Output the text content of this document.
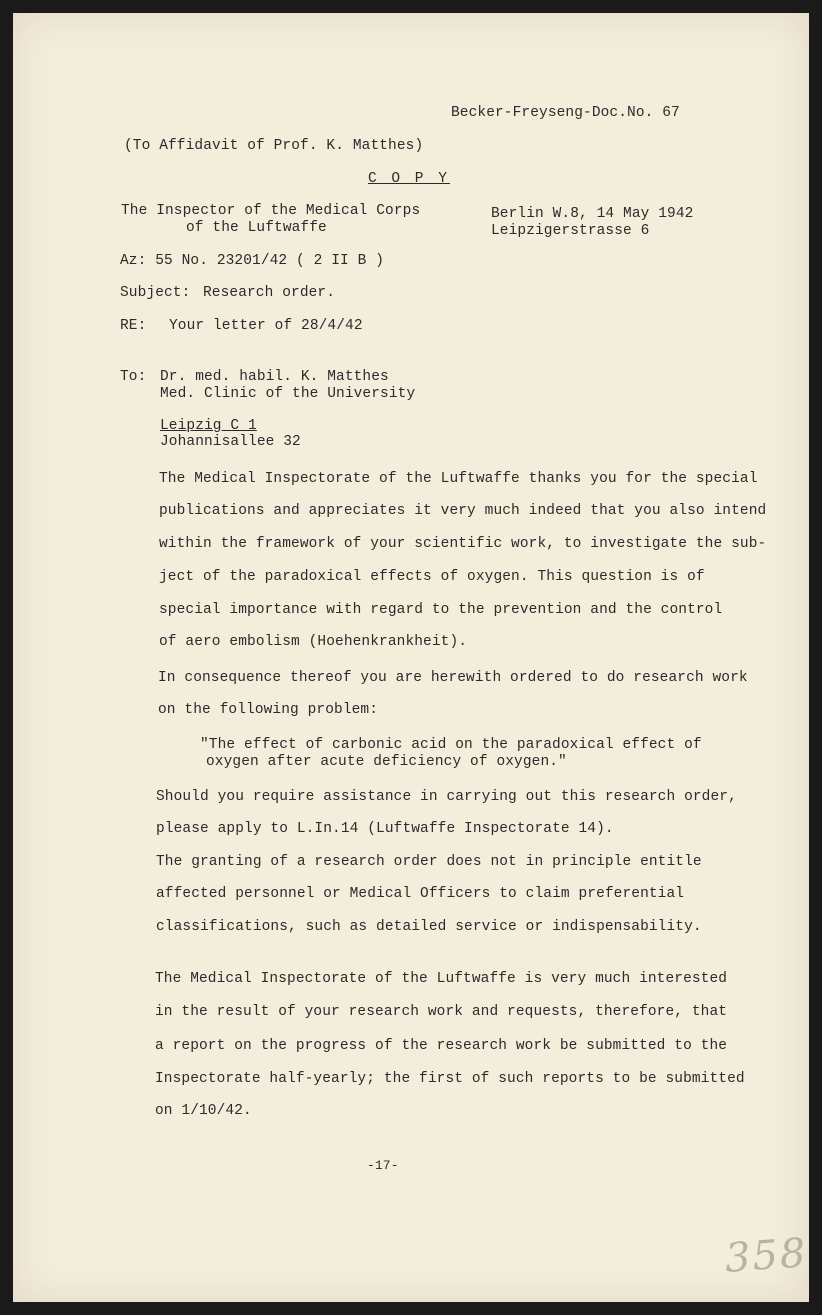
Becker-Freyseng-Doc.No. 67
(To Affidavit of Prof. K. Matthes)
C O P Y
The Inspector of the Medical Corps
of the Luftwaffe
Berlin W.8, 14 May 1942
Leipzigerstrasse 6
Az: 55 No. 23201/42 ( 2 II B )
Subject: Research order.
RE: Your letter of 28/4/42
To: Dr. med. habil. K. Matthes
Med. Clinic of the University
Leipzig C 1
Johannisallee 32
The Medical Inspectorate of the Luftwaffe thanks you for the special
publications and appreciates it very much indeed that you also intend
within the framework of your scientific work, to investigate the sub-
ject of the paradoxical effects of oxygen. This question is of
special importance with regard to the prevention and the control
of aero embolism (Hoehenkrankheit).
In consequence thereof you are herewith ordered to do research work
on the following problem:
"The effect of carbonic acid on the paradoxical effect of
oxygen after acute deficiency of oxygen."
Should you require assistance in carrying out this research order,
please apply to L.In.14 (Luftwaffe Inspectorate 14).
The granting of a research order does not in principle entitle
affected personnel or Medical Officers to claim preferential
classifications, such as detailed service or indispensability.
The Medical Inspectorate of the Luftwaffe is very much interested
in the result of your research work and requests, therefore, that
a report on the progress of the research work be submitted to the
Inspectorate half-yearly; the first of such reports to be submitted
on 1/10/42.
-17-
358
